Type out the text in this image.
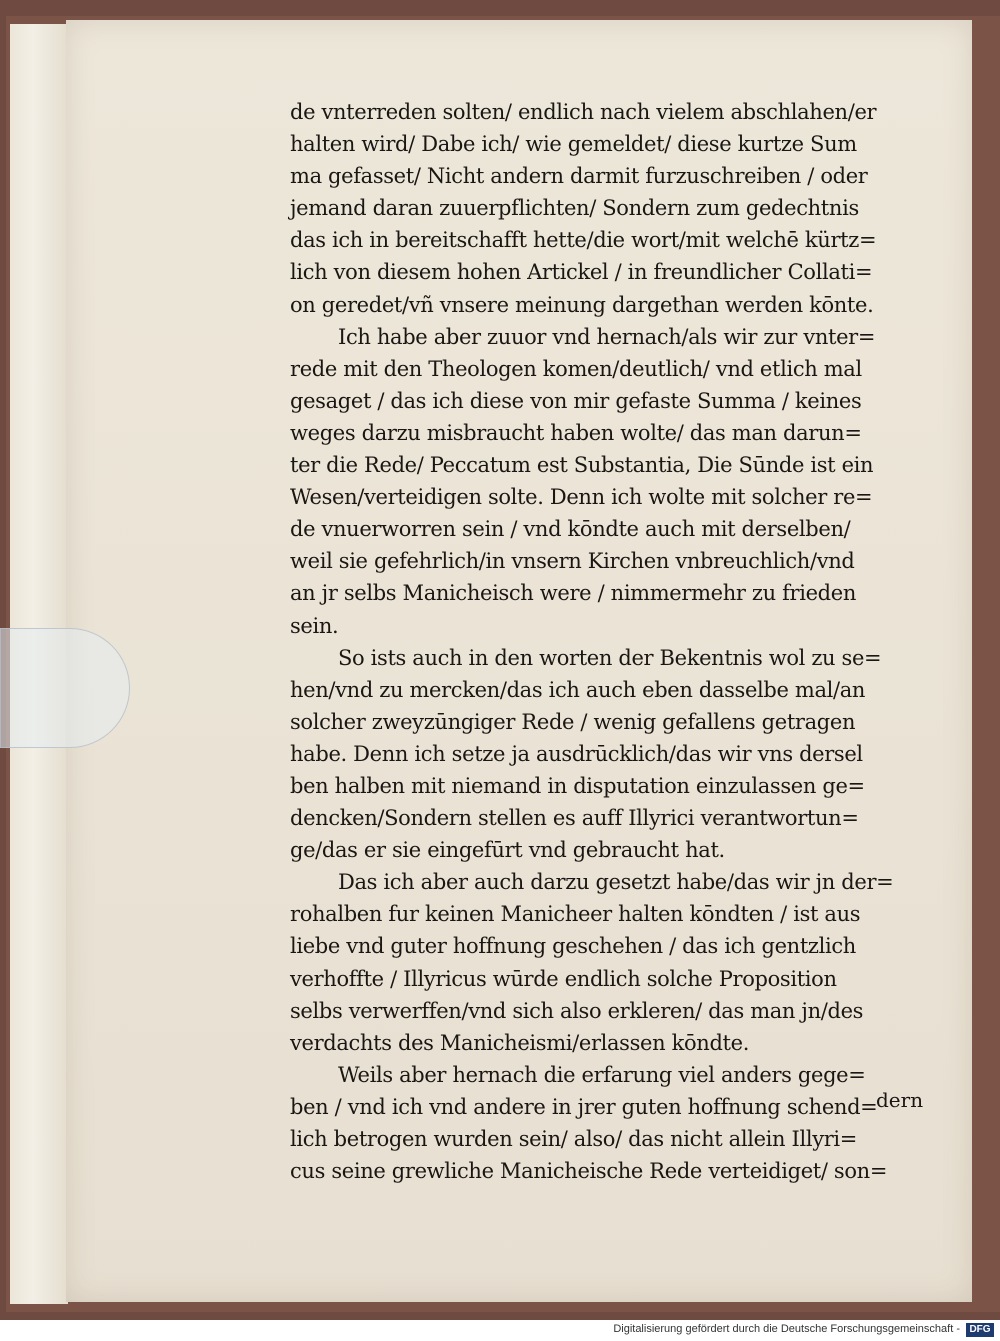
de vnterreden solten/ endlich nach vielem abschlahen/er
halten wird/ Dabe ich/ wie gemeldet/ diese kurtze Sum
ma gefasset/ Nicht andern darmit furzuschreiben / oder
jemand daran zuuerpflichten/ Sondern zum gedechtnis
das ich in bereitschafft hette/die wort/mit welchē kürtz=
lich von diesem hohen Artickel / in freundlicher Collati=
on geredet/vñ vnsere meinung dargethan werden kōnte.
Ich habe aber zuuor vnd hernach/als wir zur vnter=
rede mit den Theologen komen/deutlich/ vnd etlich mal
gesaget / das ich diese von mir gefaste Summa / keines
weges darzu misbraucht haben wolte/ das man darun=
ter die Rede/ Peccatum est Substantia, Die Sūnde ist ein
Wesen/verteidigen solte. Denn ich wolte mit solcher re=
de vnuerworren sein / vnd kōndte auch mit derselben/
weil sie gefehrlich/in vnsern Kirchen vnbreuchlich/vnd
an jr selbs Manicheisch were / nimmermehr zu frieden
sein.
So ists auch in den worten der Bekentnis wol zu se=
hen/vnd zu mercken/das ich auch eben dasselbe mal/an
solcher zweyzūngiger Rede / wenig gefallens getragen
habe. Denn ich setze ja ausdrūcklich/das wir vns dersel
ben halben mit niemand in disputation einzulassen ge=
dencken/Sondern stellen es auff Illyrici verantwortun=
ge/das er sie eingefūrt vnd gebraucht hat.
Das ich aber auch darzu gesetzt habe/das wir jn der=
rohalben fur keinen Manicheer halten kōndten / ist aus
liebe vnd guter hoffnung geschehen / das ich gentzlich
verhoffte / Illyricus wūrde endlich solche Proposition
selbs verwerffen/vnd sich also erkleren/ das man jn/des
verdachts des Manicheismi/erlassen kōndte.
Weils aber hernach die erfarung viel anders gege=
ben / vnd ich vnd andere in jrer guten hoffnung schend=
lich betrogen wurden sein/ also/ das nicht allein Illyri=
cus seine grewliche Manicheische Rede verteidiget/ son=
dern
Digitalisierung gefördert durch die Deutsche Forschungsgemeinschaft - DFG
